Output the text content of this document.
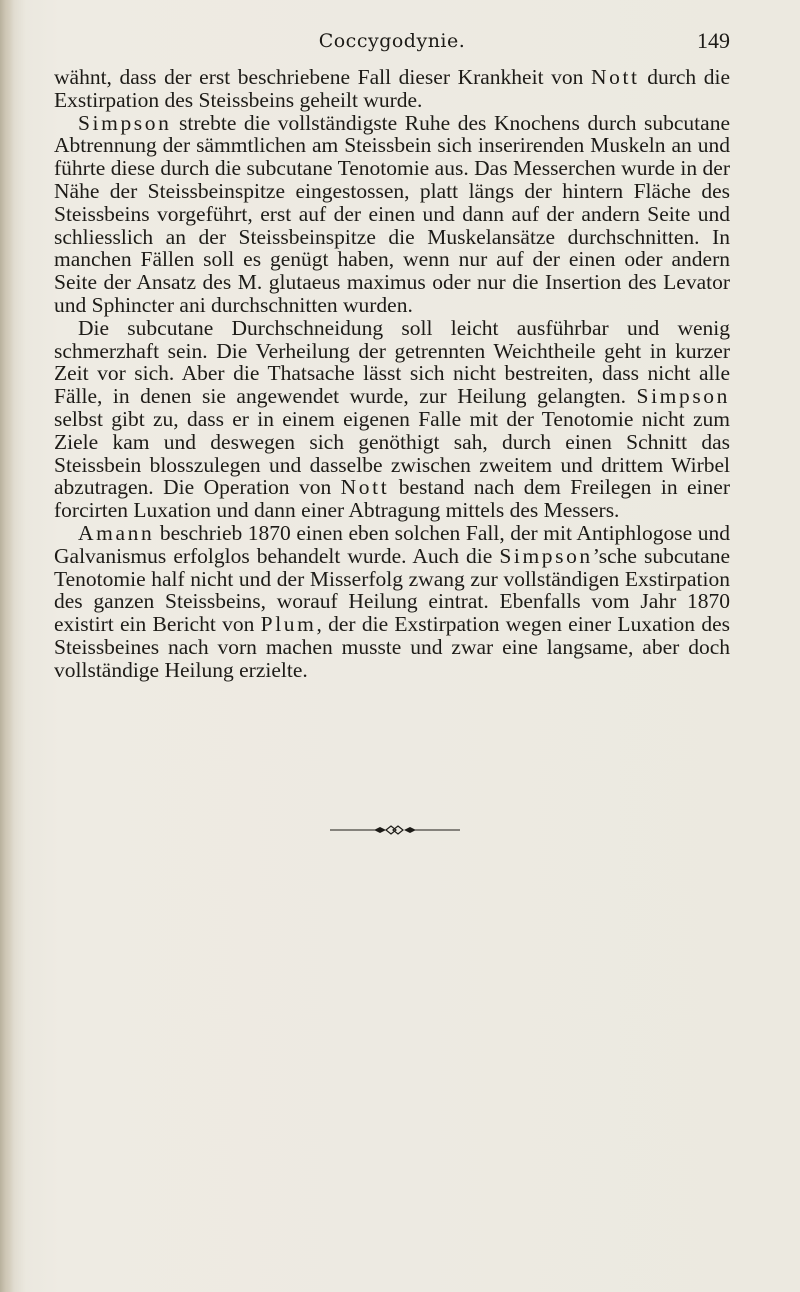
Coccygodynie.	149

wähnt, dass der erst beschriebene Fall dieser Krankheit von Nott durch die Exstirpation des Steissbeins geheilt wurde.

Simpson strebte die vollständigste Ruhe des Knochens durch subcutane Abtrennung der sämmtlichen am Steissbein sich inserirenden Muskeln an und führte diese durch die subcutane Tenotomie aus. Das Messerchen wurde in der Nähe der Steissbeinspitze eingestossen, platt längs der hintern Fläche des Steissbeins vorgeführt, erst auf der einen und dann auf der andern Seite und schliesslich an der Steissbeinspitze die Muskelansätze durchschnitten. In manchen Fällen soll es genügt haben, wenn nur auf der einen oder andern Seite der Ansatz des M. glutaeus maximus oder nur die Insertion des Levator und Sphincter ani durchschnitten wurden.

Die subcutane Durchschneidung soll leicht ausführbar und wenig schmerzhaft sein. Die Verheilung der getrennten Weichtheile geht in kurzer Zeit vor sich. Aber die Thatsache lässt sich nicht bestreiten, dass nicht alle Fälle, in denen sie angewendet wurde, zur Heilung gelangten. Simpson selbst gibt zu, dass er in einem eigenen Falle mit der Tenotomie nicht zum Ziele kam und deswegen sich genöthigt sah, durch einen Schnitt das Steissbein blosszulegen und dasselbe zwischen zweitem und drittem Wirbel abzutragen. Die Operation von Nott bestand nach dem Freilegen in einer forcirten Luxation und dann einer Abtragung mittels des Messers.

Amann beschrieb 1870 einen eben solchen Fall, der mit Antiphlogose und Galvanismus erfolglos behandelt wurde. Auch die Simpson’sche subcutane Tenotomie half nicht und der Misserfolg zwang zur vollständigen Exstirpation des ganzen Steissbeins, worauf Heilung eintrat. Ebenfalls vom Jahr 1870 existirt ein Bericht von Plum, der die Exstirpation wegen einer Luxation des Steissbeines nach vorn machen musste und zwar eine langsame, aber doch vollständige Heilung erzielte.
